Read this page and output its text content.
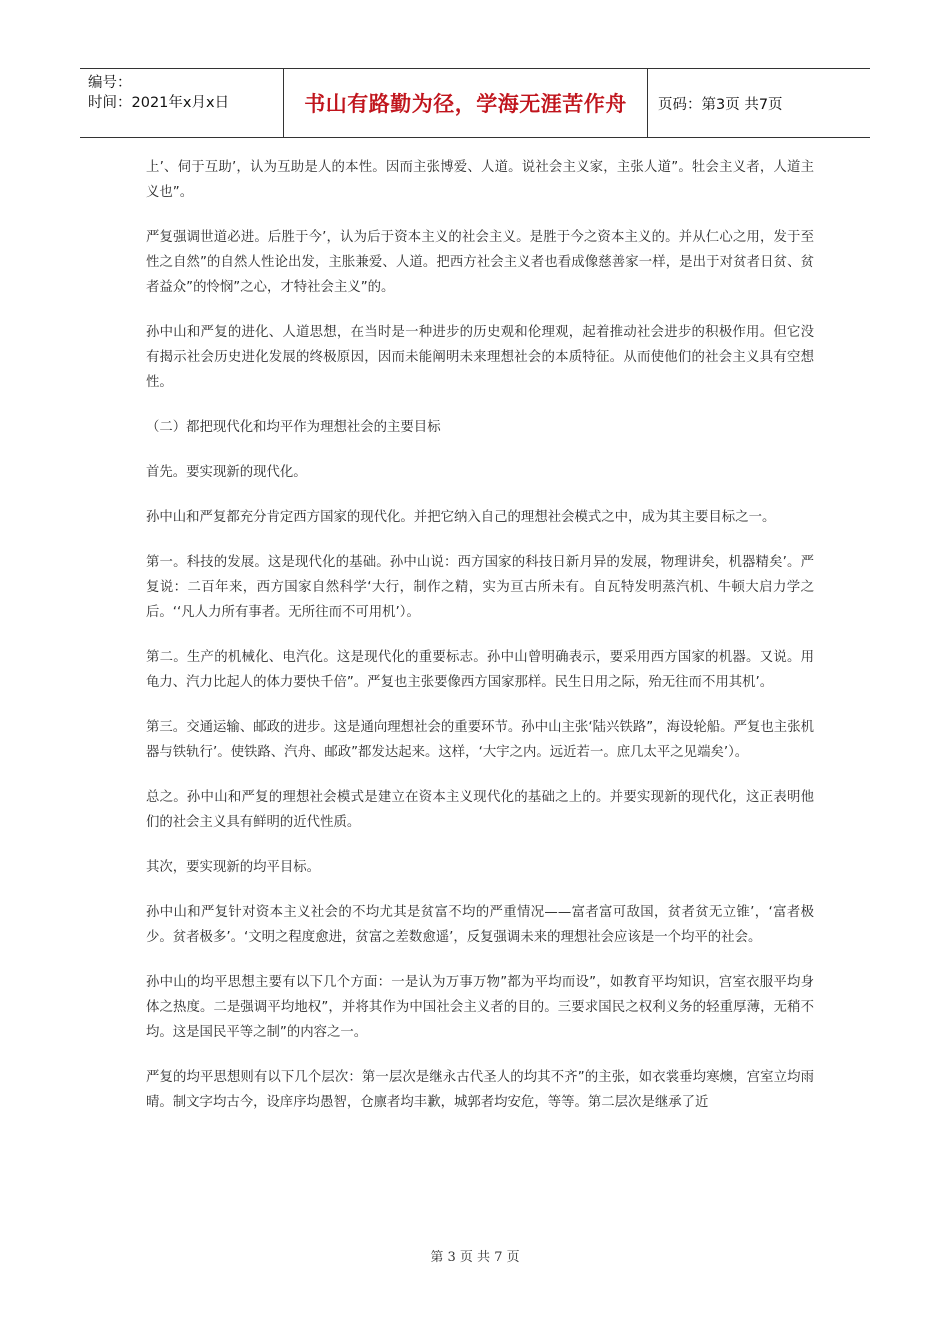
编号：
时间：2021年x月x日	书山有路勤为径，学海无涯苦作舟	页码：第3页 共7页

上’、伺于互助’，认为互助是人的本性。因而主张博爱、人道。说社会主义家，主张人道”。牡会主义者，人道主义也”。

严复强调世道必进。后胜于今’，认为后于资本主义的社会主义。是胜于今之资本主义的。并从仁心之用，发于至性之自然”的自然人性论出发，主胀兼爱、人道。把西方社会主义者也看成像慈善家一样，是出于对贫者日贫、贫者益众”的怜悯”之心，才特社会主义”的。

孙中山和严复的进化、人道思想，在当时是一种进步的历史观和伦理观，起着推动社会进步的积极作用。但它没有揭示社会历史进化发展的终极原因，因而未能阐明未来理想社会的本质特征。从而使他们的社会主义具有空想性。

（二）都把现代化和均平作为理想社会的主要目标

首先。要实现新的现代化。

孙中山和严复都充分肯定西方国家的现代化。并把它纳入自己的理想社会模式之中，成为其主要目标之一。

第一。科技的发展。这是现代化的基础。孙中山说：西方国家的科技日新月异的发展，物理讲矣，机器精矣’。严复说：二百年来，西方国家自然科学‘大行，制作之精，实为亘古所未有。自瓦特发明蒸汽机、牛顿大启力学之后。‘‘凡人力所有事者。无所往而不可用机’）。

第二。生产的机械化、电汽化。这是现代化的重要标志。孙中山曾明确表示，要采用西方国家的机器。又说。用龟力、汽力比起人的体力要快千倍”。严复也主张要像西方国家那样。民生日用之际，殆无往而不用其机’。

第三。交通运输、邮政的进步。这是通向理想社会的重要环节。孙中山主张‘陆兴铁路”，海设轮船。严复也主张机器与铁轨行’。使铁路、汽舟、邮政”都发达起来。这样，‘大宇之内。远近若一。庶几太平之见端矣’）。

总之。孙中山和严复的理想社会模式是建立在资本主义现代化的基础之上的。并要实现新的现代化，这正表明他们的社会主义具有鲜明的近代性质。

其次，要实现新的均平目标。

孙中山和严复针对资本主义社会的不均尤其是贫富不均的严重情况——富者富可敌国，贫者贫无立锥’，‘富者极少。贫者极多’。‘文明之程度愈进，贫富之差数愈遥’，反复强调未来的理想社会应该是一个均平的社会。

孙中山的均平思想主要有以下几个方面：一是认为万事万物”都为平均而设”，如教育平均知识，宫室衣服平均身体之热度。二是强调平均地权”，并将其作为中国社会主义者的目的。三要求国民之权利义务的轻重厚薄，无稍不均。这是国民平等之制”的内容之一。

严复的均平思想则有以下几个层次：第一层次是继永古代圣人的均其不齐”的主张，如衣裳垂均寒燠，宫室立均雨晴。制文字均古今，设庠序均愚智，仓廪者均丰歉，城郭者均安危，等等。第二层次是继承了近

第 3 页 共 7 页
